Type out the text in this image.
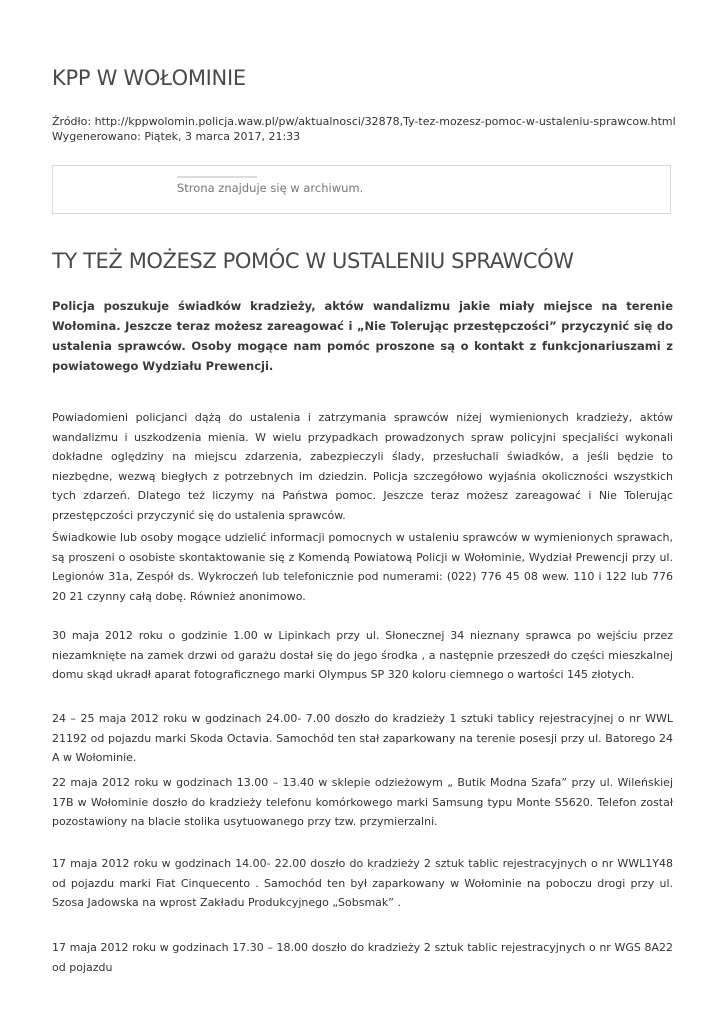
KPP W WOŁOMINIE
Źródło: http://kppwolomin.policja.waw.pl/pw/aktualnosci/32878,Ty-tez-mozesz-pomoc-w-ustaleniu-sprawcow.html
Wygenerowano: Piątek, 3 marca 2017, 21:33
Strona znajduje się w archiwum.
TY TEŻ MOŻESZ POMÓC W USTALENIU SPRAWCÓW

Policja poszukuje świadków kradzieży, aktów wandalizmu jakie miały miejsce na terenie Wołomina. Jeszcze teraz możesz zareagować i „Nie Tolerując przestępczości” przyczynić się do ustalenia sprawców. Osoby mogące nam pomóc proszone są o kontakt z funkcjonariuszami z powiatowego Wydziału Prewencji.

Powiadomieni policjanci dążą do ustalenia i zatrzymania sprawców niżej wymienionych kradzieży, aktów wandalizmu i uszkodzenia mienia. W wielu przypadkach prowadzonych spraw policyjni specjaliści wykonali dokładne oględziny na miejscu zdarzenia, zabezpieczyli ślady, przesłuchali świadków, a jeśli będzie to niezbędne, wezwą biegłych z potrzebnych im dziedzin. Policja szczegółowo wyjaśnia okoliczności wszystkich tych zdarzeń. Dlatego też liczymy na Państwa pomoc. Jeszcze teraz możesz zareagować i Nie Tolerując przestępczości przyczynić się do ustalenia sprawców.

Świadkowie lub osoby mogące udzielić informacji pomocnych w ustaleniu sprawców w wymienionych sprawach, są proszeni o osobiste skontaktowanie się z Komendą Powiatową Policji w Wołominie, Wydział Prewencji przy ul. Legionów 31a, Zespół ds. Wykroczeń lub telefonicznie pod numerami: (022) 776 45 08 wew. 110 i 122 lub 776 20 21 czynny całą dobę. Również anonimowo.

30 maja 2012 roku o godzinie 1.00 w Lipinkach przy ul. Słonecznej 34 nieznany sprawca po wejściu przez niezamknięte na zamek drzwi od garażu dostał się do jego środka , a następnie przeszedł do części mieszkalnej domu skąd ukradł aparat fotograficznego marki Olympus SP 320 koloru ciemnego o wartości 145 złotych.

24 – 25 maja 2012 roku w godzinach 24.00- 7.00 doszło do kradzieży 1 sztuki tablicy rejestracyjnej o nr WWL 21192 od pojazdu marki Skoda Octavia. Samochód ten stał zaparkowany na terenie posesji przy ul. Batorego 24 A w Wołominie.

22 maja 2012 roku w godzinach 13.00 – 13.40 w sklepie odzieżowym „ Butik Modna Szafa” przy ul. Wileńskiej 17B w Wołominie doszło do kradzieży telefonu komórkowego marki Samsung typu Monte S5620. Telefon został pozostawiony na blacie stolika usytuowanego przy tzw. przymierzalni.

17 maja 2012 roku w godzinach 14.00- 22.00 doszło do kradzieży 2 sztuk tablic rejestracyjnych o nr WWL1Y48 od pojazdu marki Fiat Cinquecento . Samochód ten był zaparkowany w Wołominie na poboczu drogi przy ul. Szosa Jadowska na wprost Zakładu Produkcyjnego „Sobsmak” .

17 maja 2012 roku w godzinach 17.30 – 18.00 doszło do kradzieży 2 sztuk tablic rejestracyjnych o nr WGS 8A22 od pojazdu
